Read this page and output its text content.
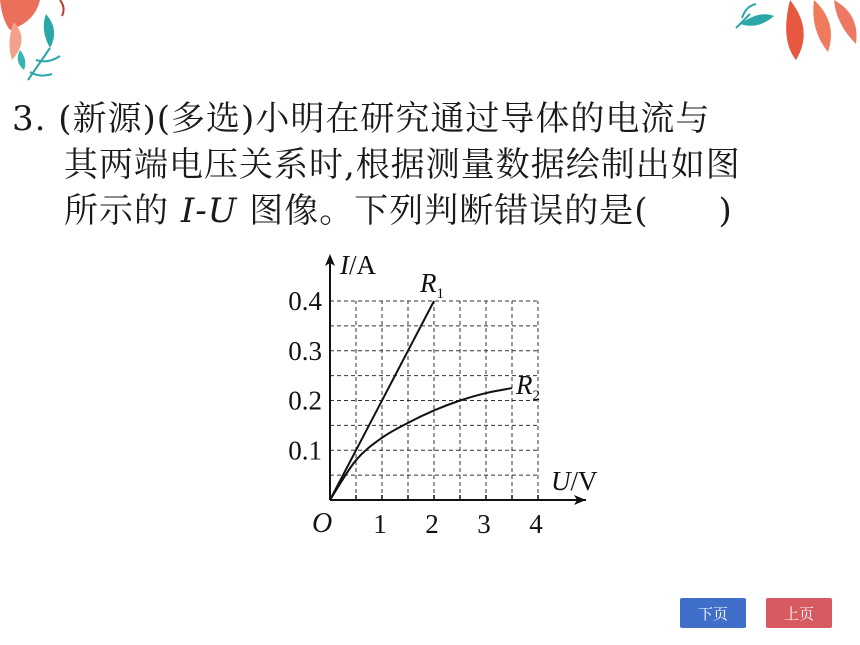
3. (新源)(多选)小明在研究通过导体的电流与
其两端电压关系时,根据测量数据绘制出如图
所示的 I-U 图像。下列判断错误的是( )
1 2 3 4
0.1
0.2
0.3
0.4
O
I/A
U/V
$R_1$
$R_2$
下页	上页
